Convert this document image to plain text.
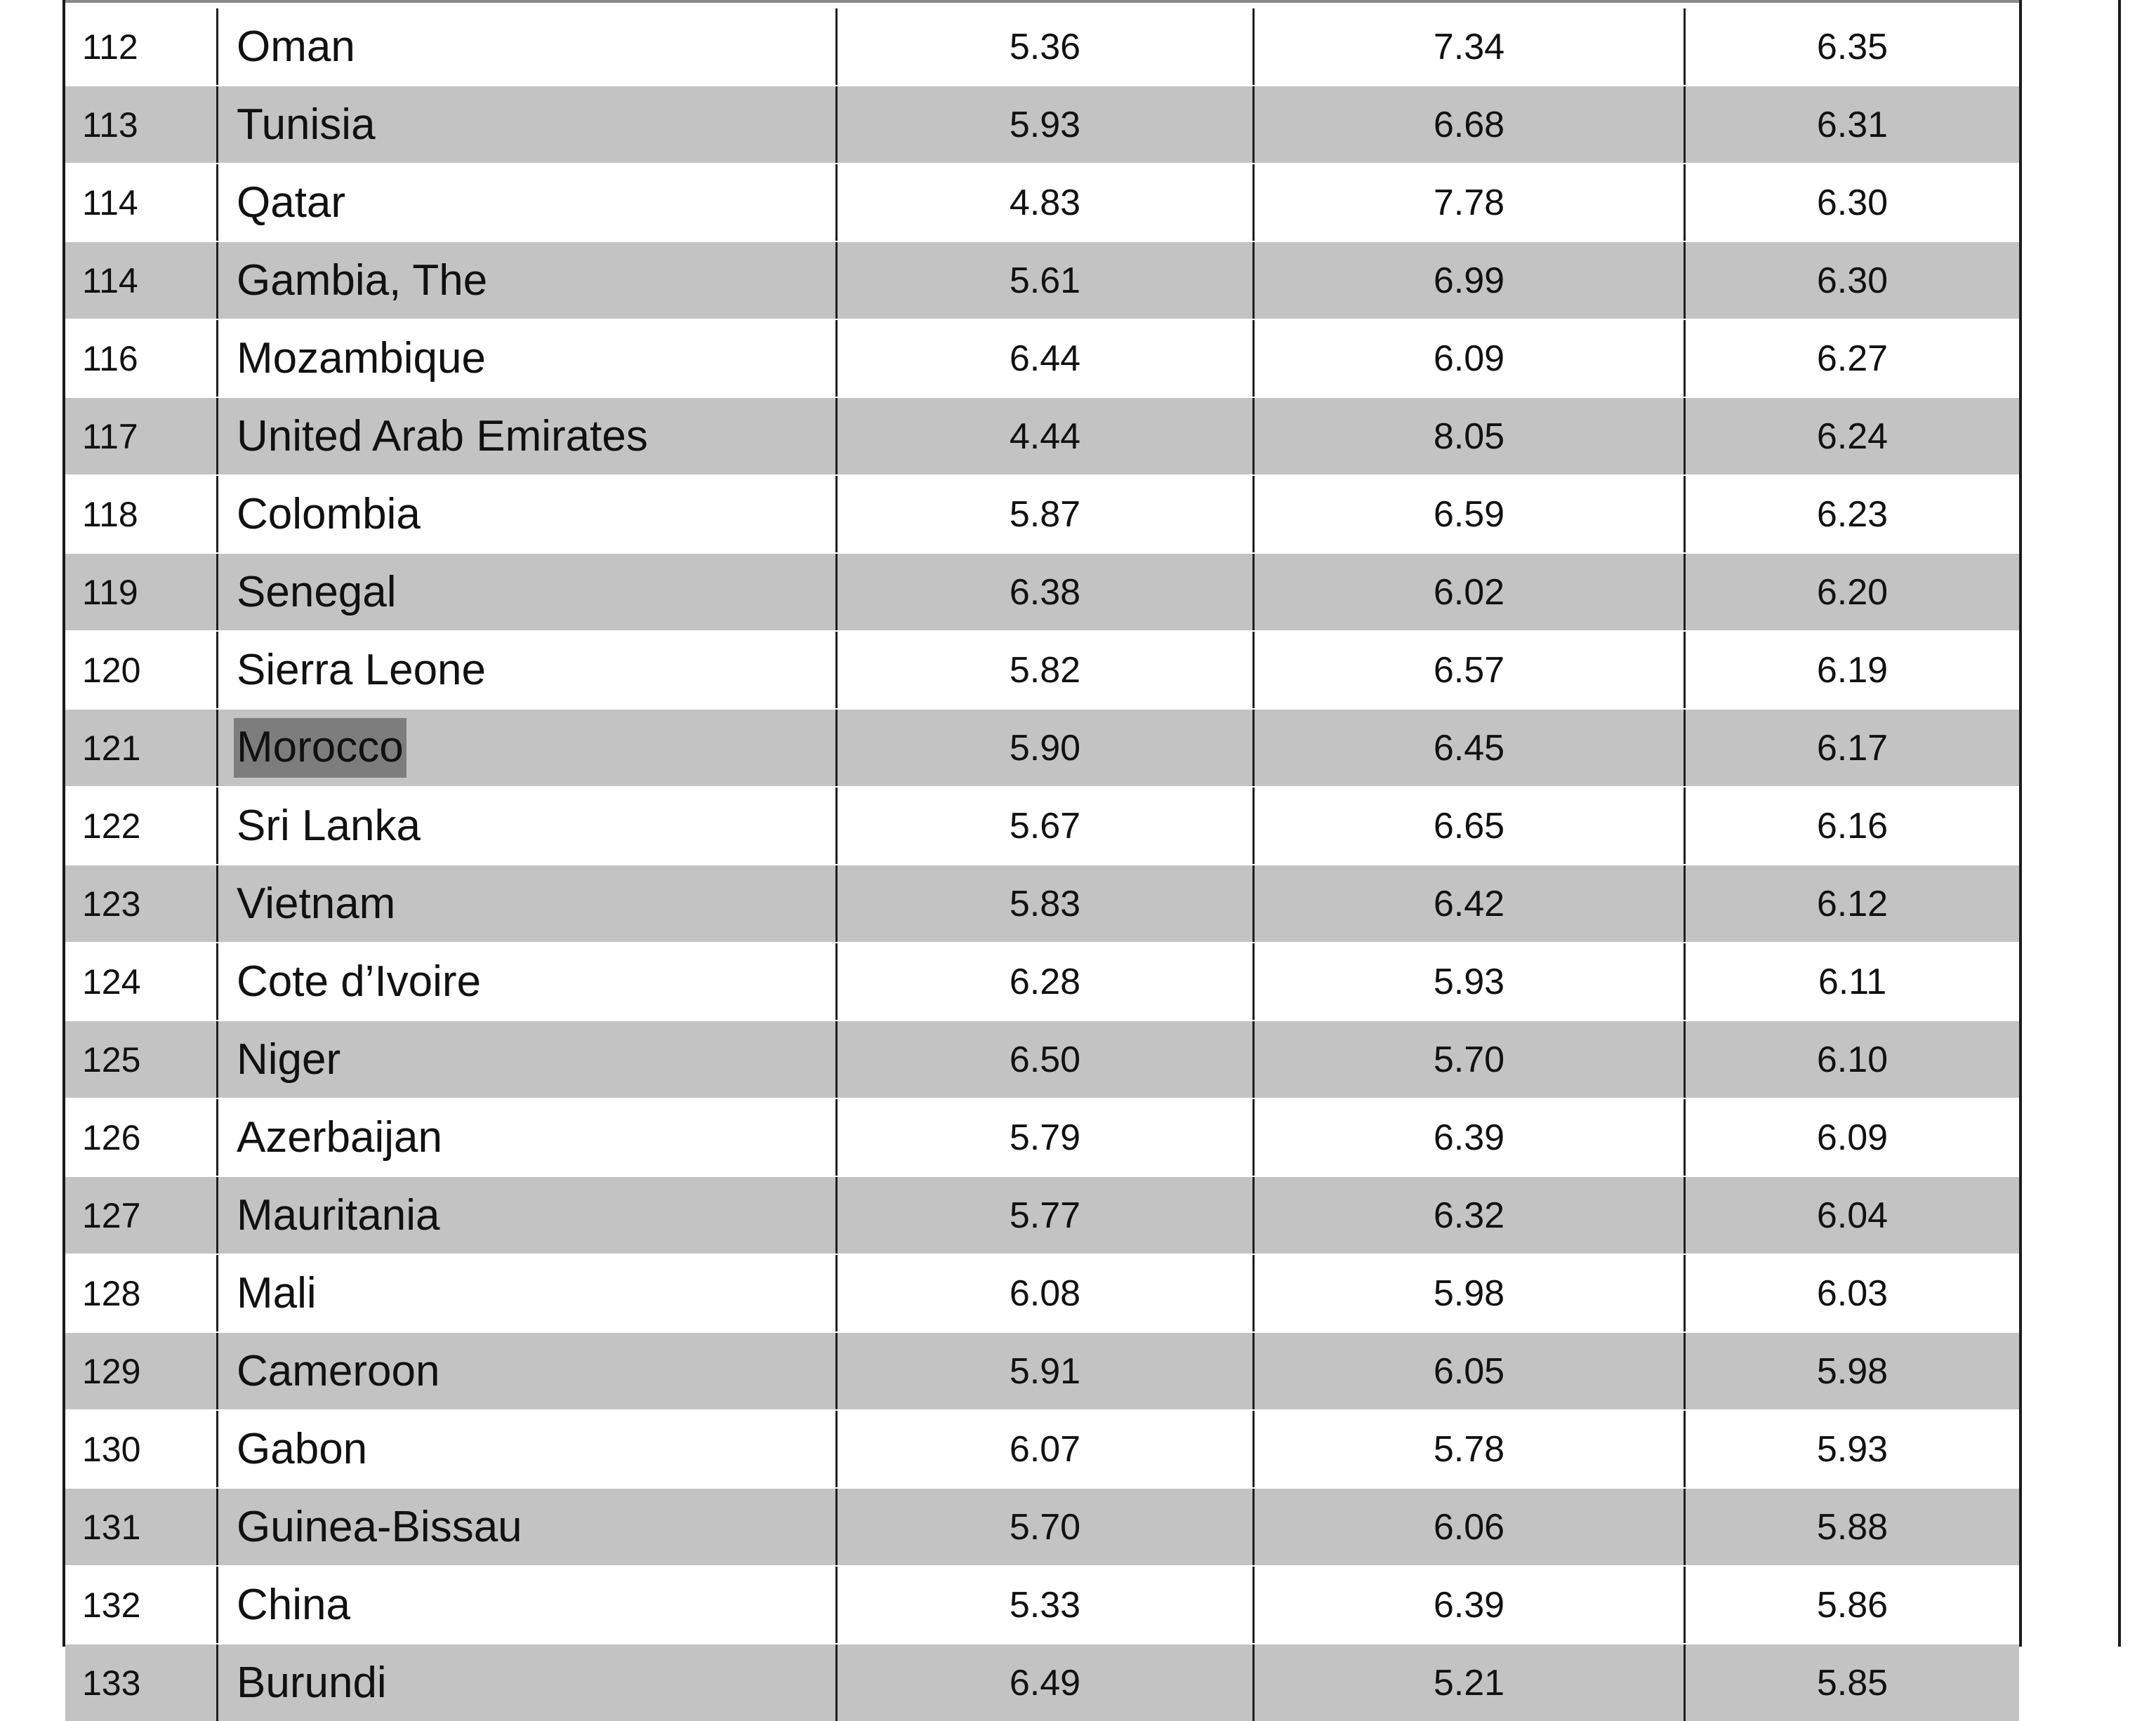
112	Oman	5.36	7.34	6.35
113	Tunisia	5.93	6.68	6.31
114	Qatar	4.83	7.78	6.30
114	Gambia, The	5.61	6.99	6.30
116	Mozambique	6.44	6.09	6.27
117	United Arab Emirates	4.44	8.05	6.24
118	Colombia	5.87	6.59	6.23
119	Senegal	6.38	6.02	6.20
120	Sierra Leone	5.82	6.57	6.19
121	Morocco	5.90	6.45	6.17
122	Sri Lanka	5.67	6.65	6.16
123	Vietnam	5.83	6.42	6.12
124	Cote d’Ivoire	6.28	5.93	6.11
125	Niger	6.50	5.70	6.10
126	Azerbaijan	5.79	6.39	6.09
127	Mauritania	5.77	6.32	6.04
128	Mali	6.08	5.98	6.03
129	Cameroon	5.91	6.05	5.98
130	Gabon	6.07	5.78	5.93
131	Guinea-Bissau	5.70	6.06	5.88
132	China	5.33	6.39	5.86
133	Burundi	6.49	5.21	5.85
